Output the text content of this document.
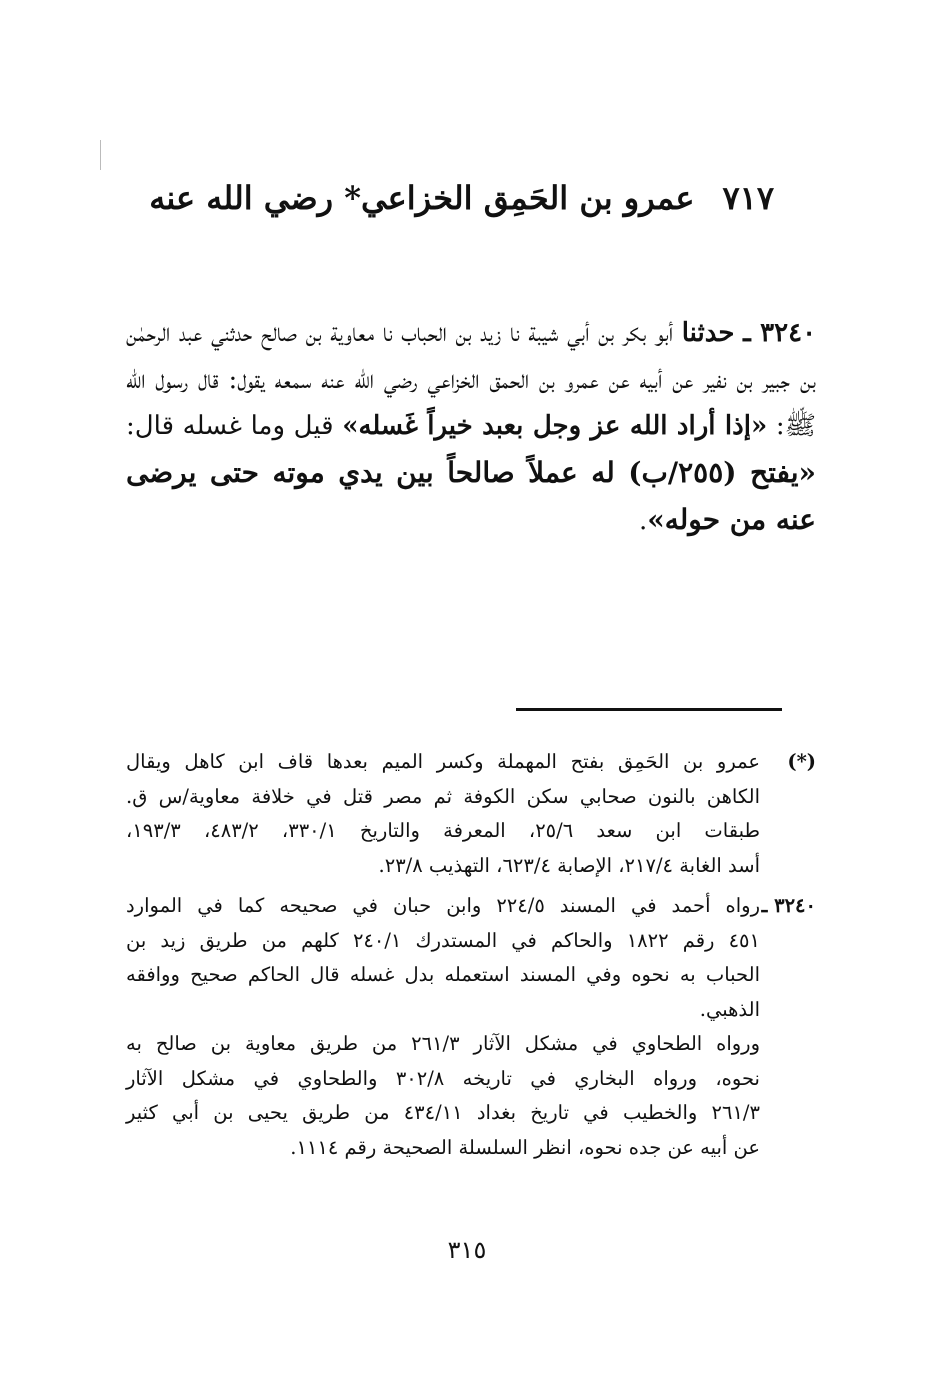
٧١٧عمرو بن الحَمِق الخزاعي* رضي الله عنه

٣٢٤٠ ـ حدثنا أبو بكر بن أبي شيبة نا زيد بن الحباب نا معاوية بن صالح حدثني عبد الرحمٰن بن جبير بن نفير عن أبيه عن عمرو بن الحمق الخزاعي رضي الله عنه سمعه يقول: قال رسول الله ﷺ: «إذا أراد الله عز وجل بعبد خيراً غَسله» قيل وما غسله قال: «يفتح (٢٥٥/ب) له عملاً صالحاً بين يدي موته حتى يرضى عنه من حوله».

(*)
عمرو بن الحَمِق بفتح المهملة وكسر الميم بعدها قاف ابن كاهل ويقال
الكاهن بالنون صحابي سكن الكوفة ثم مصر قتل في خلافة معاوية/س ق.
طبقات ابن سعد ٢٥/٦، المعرفة والتاريخ ٣٣٠/١، ٤٨٣/٢، ١٩٣/٣،
أسد الغابة ٢١٧/٤، الإصابة ٦٢٣/٤، التهذيب ٢٣/٨.
٣٢٤٠ ـ
رواه أحمد في المسند ٢٢٤/٥ وابن حبان في صحيحه كما في الموارد
٤٥١ رقم ١٨٢٢ والحاكم في المستدرك ٢٤٠/١ كلهم من طريق زيد بن
الحباب به نحوه وفي المسند استعمله بدل غسله قال الحاكم صحيح ووافقه
الذهبي.
ورواه الطحاوي في مشكل الآثار ٢٦١/٣ من طريق معاوية بن صالح به
نحوه، ورواه البخاري في تاريخه ٣٠٢/٨ والطحاوي في مشكل الآثار
٢٦١/٣ والخطيب في تاريخ بغداد ٤٣٤/١١ من طريق يحيى بن أبي كثير
عن أبيه عن جده نحوه، انظر السلسلة الصحيحة رقم ١١١٤.
٣١٥
